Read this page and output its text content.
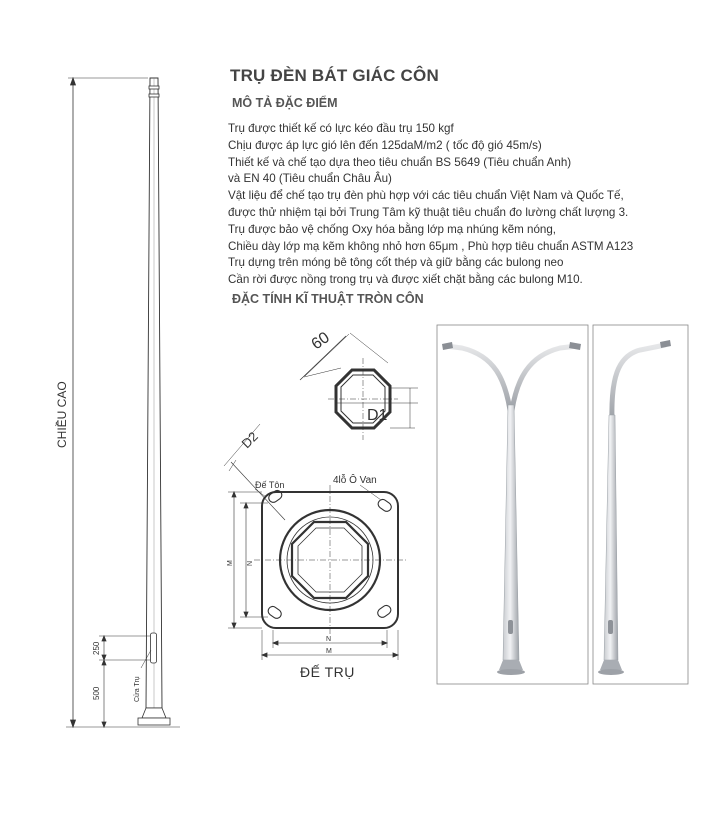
TRỤ ĐÈN BÁT GIÁC CÔN
MÔ TẢ ĐẶC ĐIỂM
Trụ được thiết kế có lực kéo đầu trụ 150 kgf
Chịu được áp lực gió lên đến 125daM/m2 ( tốc độ gió 45m/s)
Thiết kế và chế tạo dựa theo tiêu chuẩn BS 5649 (Tiêu chuẩn Anh)
và EN 40 (Tiêu chuẩn Châu Âu)
Vật liệu để chế tạo trụ đèn phù hợp với các tiêu chuẩn Việt Nam và Quốc Tế,
được thử nhiệm tại bởi Trung Tâm kỹ thuật tiêu chuẩn đo lường chất lượng 3.
Trụ được bảo vệ chống Oxy hóa bằng lớp mạ nhúng kẽm nóng,
Chiều dày lớp mạ kẽm không nhỏ hơn 65μm , Phù hợp tiêu chuẩn ASTM A123
Trụ dựng trên móng bê tông cốt thép và giữ bằng các bulong neo
Cần rời được nồng trong trụ và được xiết chặt bằng các bulong M10.
ĐẶC TÍNH KĨ THUẬT TRÒN CÔN
ĐẾ TRỤ
CHIỀU CAO
250
500	Cửa Trụ
60
D1
D2
Đế Tôn	4lỗ Ô Van
M N
N
M
